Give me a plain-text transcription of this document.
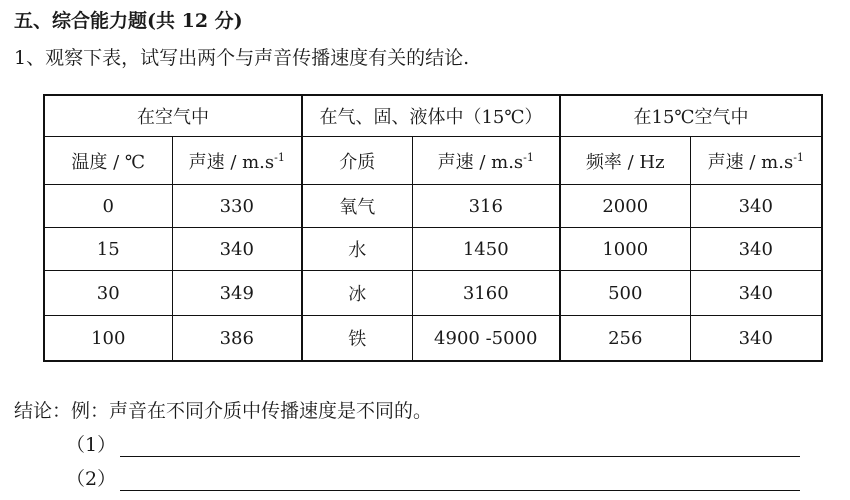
五、综合能力题(共 12 分)
1、观察下表，试写出两个与声音传播速度有关的结论.
在空气中		在气、固、液体中（15℃）		在15℃空气中	
温度 / ℃	声速 / $m.s^{-1}$	介质	声速 / $m.s^{-1}$	频率 / Hz	声速 / $m.s^{-1}$
0	330	氧气	316	2000	340
15	340	水	1450	1000	340
30	349	冰	3160	500	340
100	386	铁	4900 -5000	256	340
结论：例：声音在不同介质中传播速度是不同的。
（1）
（2）
